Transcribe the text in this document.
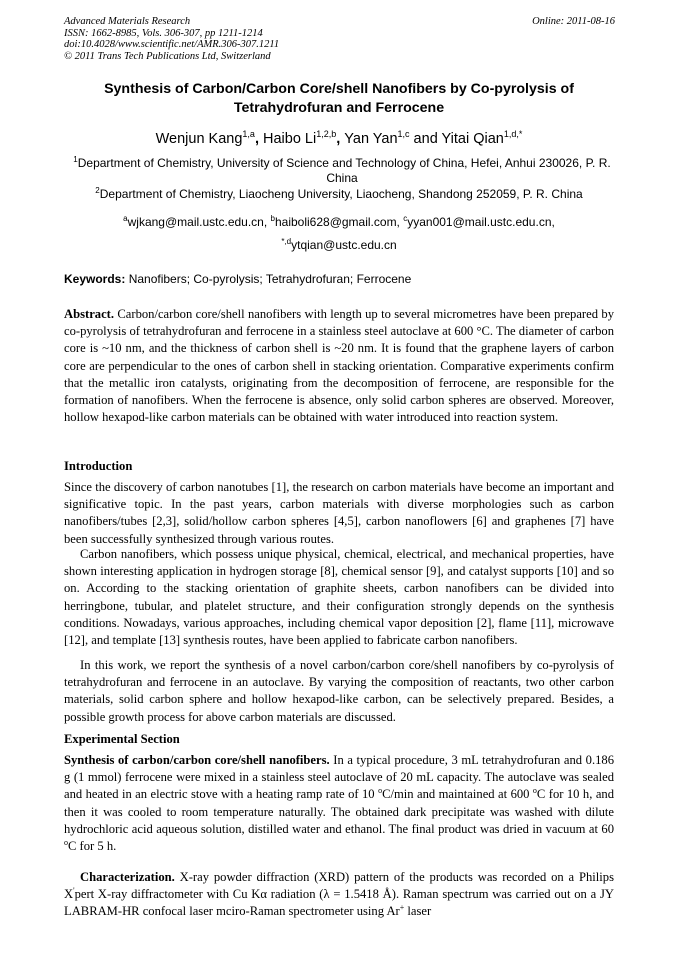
Advanced Materials Research
ISSN: 1662-8985, Vols. 306-307, pp 1211-1214
doi:10.4028/www.scientific.net/AMR.306-307.1211
© 2011 Trans Tech Publications Ltd, Switzerland
Online: 2011-08-16
Synthesis of Carbon/Carbon Core/shell Nanofibers by Co-pyrolysis of
Tetrahydrofuran and Ferrocene
Wenjun Kang$^{1,a}$, Haibo Li$^{1,2,b}$, Yan Yan$^{1,c}$ and Yitai Qian$^{1,d,*}$
$^1$Department of Chemistry, University of Science and Technology of China, Hefei, Anhui 230026, P. R. China
$^2$Department of Chemistry, Liaocheng University, Liaocheng, Shandong 252059, P. R. China
$^a$wjkang@mail.ustc.edu.cn, $^b$haiboli628@gmail.com, $^c$yyan001@mail.ustc.edu.cn,
$^{*,d}$ytqian@ustc.edu.cn
Keywords: Nanofibers; Co-pyrolysis; Tetrahydrofuran; Ferrocene
Abstract. Carbon/carbon core/shell nanofibers with length up to several micrometres have been prepared by co-pyrolysis of tetrahydrofuran and ferrocene in a stainless steel autoclave at 600 °C. The diameter of carbon core is ~10 nm, and the thickness of carbon shell is ~20 nm. It is found that the graphene layers of carbon core are perpendicular to the ones of carbon shell in stacking orientation. Comparative experiments confirm that the metallic iron catalysts, originating from the decomposition of ferrocene, are responsible for the formation of nanofibers. When the ferrocene is absence, only solid carbon spheres are observed. Moreover, hollow hexapod-like carbon materials can be obtained with water introduced into reaction system.
Introduction
Since the discovery of carbon nanotubes [1], the research on carbon materials have become an important and significative topic. In the past years, carbon materials with diverse morphologies such as carbon nanofibers/tubes [2,3], solid/hollow carbon spheres [4,5], carbon nanoflowers [6] and graphenes [7] have been successfully synthesized through various routes.
Carbon nanofibers, which possess unique physical, chemical, electrical, and mechanical properties, have shown interesting application in hydrogen storage [8], chemical sensor [9], and catalyst supports [10] and so on. According to the stacking orientation of graphite sheets, carbon nanofibers can be divided into herringbone, tubular, and platelet structure, and their configuration strongly depends on the synthesis conditions. Nowadays, various approaches, including chemical vapor deposition [2], flame [11], microwave [12], and template [13] synthesis routes, have been applied to fabricate carbon nanofibers.
In this work, we report the synthesis of a novel carbon/carbon core/shell nanofibers by co-pyrolysis of tetrahydrofuran and ferrocene in an autoclave. By varying the composition of reactants, two other carbon materials, solid carbon sphere and hollow hexapod-like carbon, can be selectively prepared. Besides, a possible growth process for above carbon materials are discussed.
Experimental Section
Synthesis of carbon/carbon core/shell nanofibers. In a typical procedure, 3 mL tetrahydrofuran and 0.186 g (1 mmol) ferrocene were mixed in a stainless steel autoclave of 20 mL capacity. The autoclave was sealed and heated in an electric stove with a heating ramp rate of 10 $^o$C/min and maintained at 600 $^o$C for 10 h, and then it was cooled to room temperature naturally. The obtained dark precipitate was washed with dilute hydrochloric acid aqueous solution, distilled water and ethanol. The final product was dried in vacuum at 60 $^o$C for 5 h.
Characterization. X-ray powder diffraction (XRD) pattern of the products was recorded on a Philips X'pert X-ray diffractometer with Cu Kα radiation (λ = 1.5418 Å). Raman spectrum was carried out on a JY LABRAM-HR confocal laser mciro-Raman spectrometer using Ar+ laser
